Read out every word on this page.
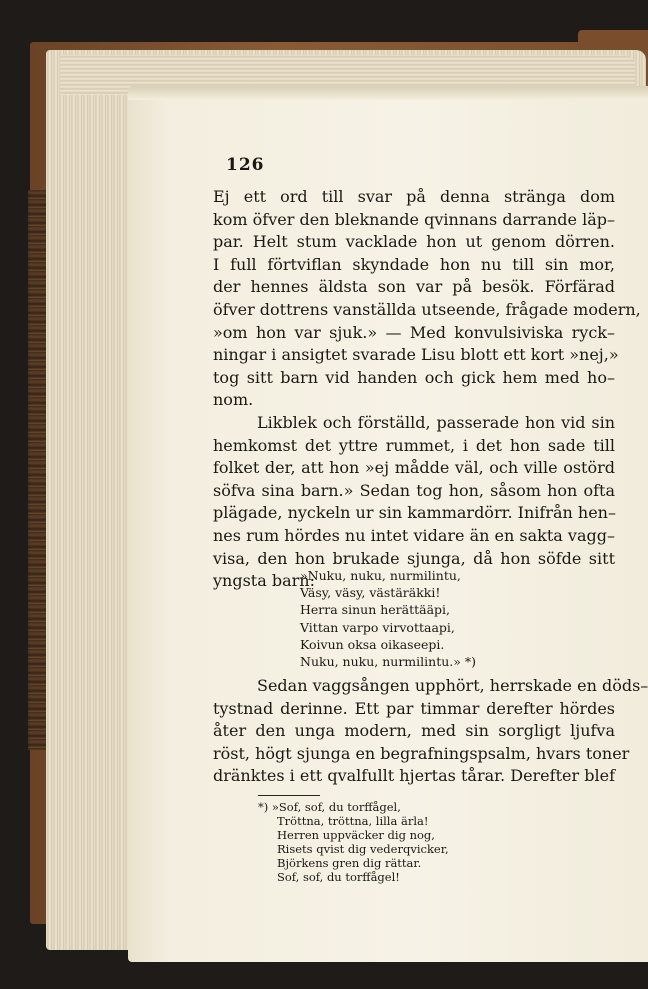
126
Ej ett ord till svar på denna stränga dom
kom öfver den bleknande qvinnans darrande läp–
par. Helt stum vacklade hon ut genom dörren.
I full förtviflan skyndade hon nu till sin mor,
der hennes äldsta son var på besök. Förfärad
öfver dottrens vanställda utseende, frågade modern,
»om hon var sjuk.» — Med konvulsiviska ryck–
ningar i ansigtet svarade Lisu blott ett kort »nej,»
tog sitt barn vid handen och gick hem med ho–
nom.
Likblek och förställd, passerade hon vid sin
hemkomst det yttre rummet, i det hon sade till
folket der, att hon »ej mådde väl, och ville ostörd
söfva sina barn.» Sedan tog hon, såsom hon ofta
plägade, nyckeln ur sin kammardörr. Inifrån hen–
nes rum hördes nu intet vidare än en sakta vagg–
visa, den hon brukade sjunga, då hon söfde sitt
yngsta barn:
»Nuku, nuku, nurmilintu,
Väsy, väsy, västäräkki!
Herra sinun herättääpi,
Vittan varpo virvottaapi,
Koivun oksa oikaseepi.
Nuku, nuku, nurmilintu.» *)
Sedan vaggsången upphört, herrskade en döds–
tystnad derinne. Ett par timmar derefter hördes
åter den unga modern, med sin sorgligt ljufva
röst, högt sjunga en begrafningspsalm, hvars toner
dränktes i ett qvalfullt hjertas tårar. Derefter blef
*) »Sof, sof, du torffågel,
Tröttna, tröttna, lilla ärla!
Herren uppväcker dig nog,
Risets qvist dig vederqvicker,
Björkens gren dig rättar.
Sof, sof, du torffågel!
